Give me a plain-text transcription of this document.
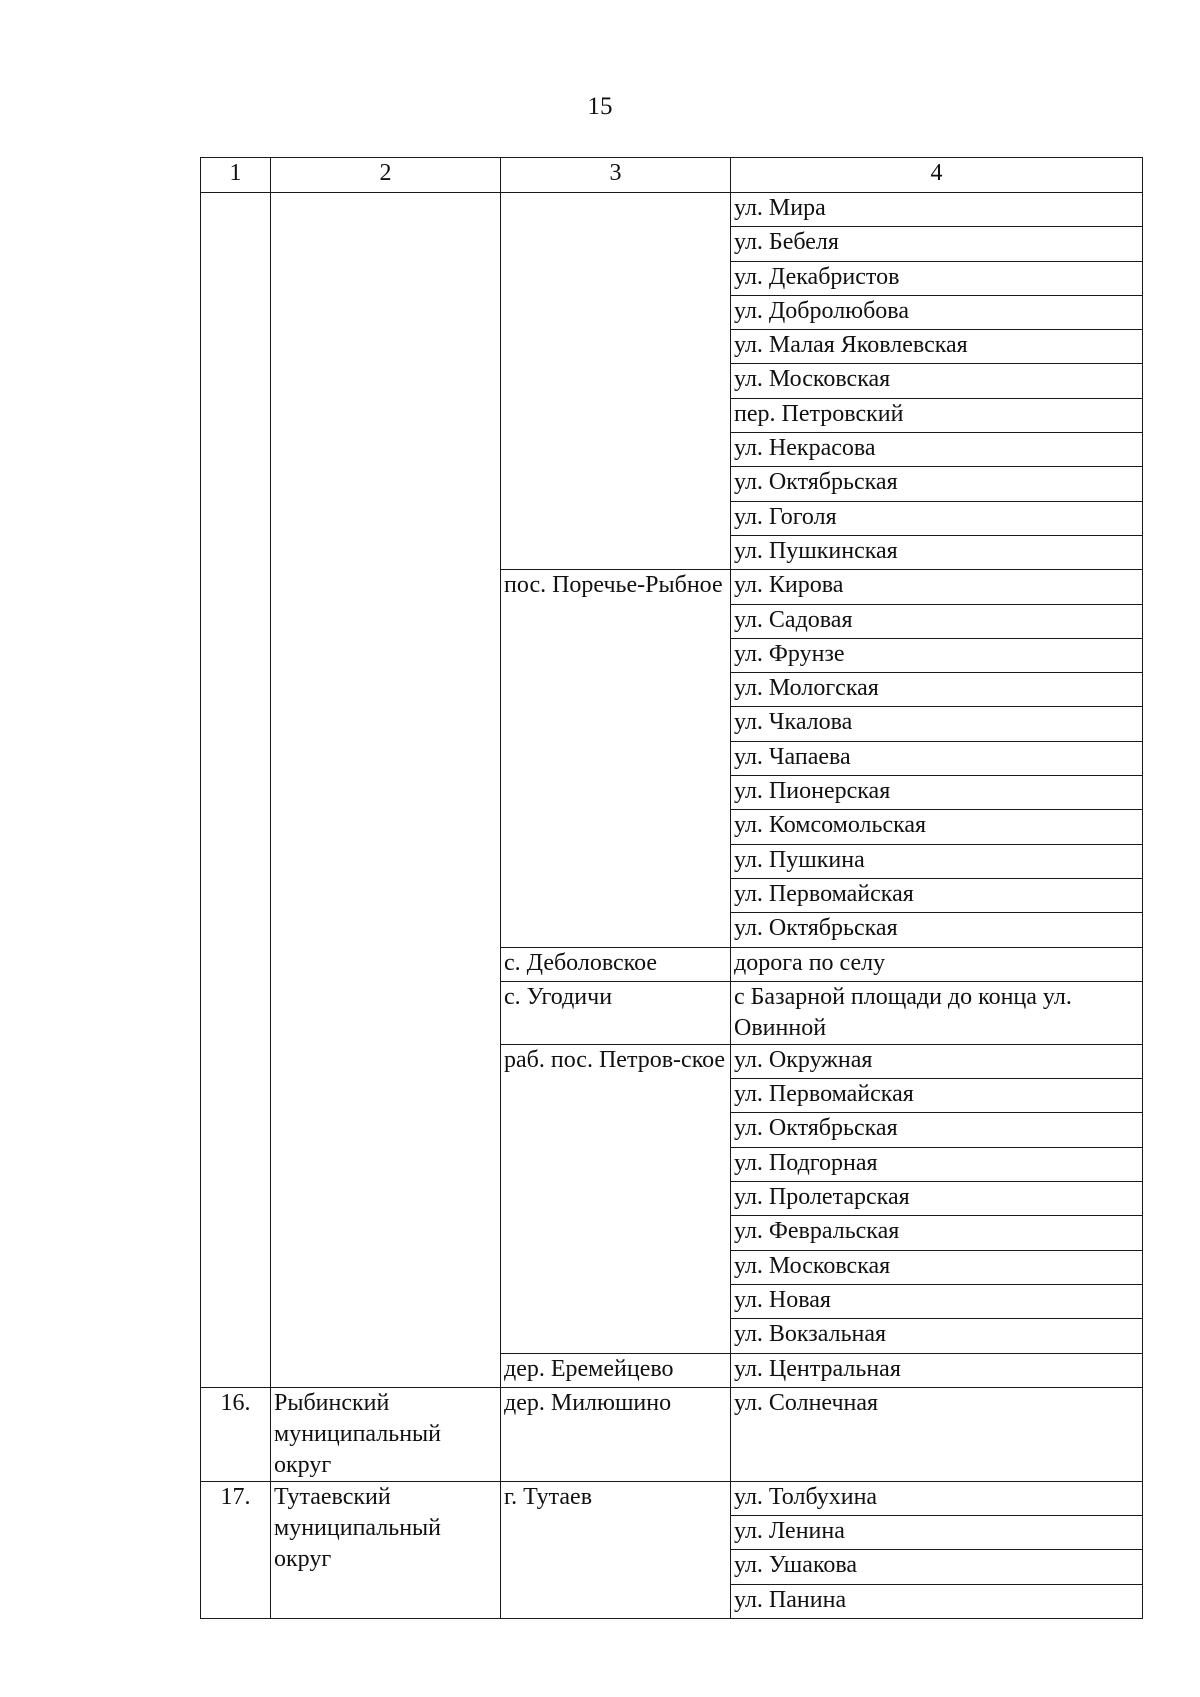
15
1	2	3	4
			ул. Мира
			ул. Бебеля
			ул. Декабристов
			ул. Добролюбова
			ул. Малая Яковлевская
			ул. Московская
			пер. Петровский
			ул. Некрасова
			ул. Октябрьская
			ул. Гоголя
			ул. Пушкинская
		пос. Поречье-Рыбное	ул. Кирова
			ул. Садовая
			ул. Фрунзе
			ул. Мологская
			ул. Чкалова
			ул. Чапаева
			ул. Пионерская
			ул. Комсомольская
			ул. Пушкина
			ул. Первомайская
			ул. Октябрьская
		с. Деболовское	дорога по селу
		с. Угодичи	с Базарной площади до конца ул. Овинной
		раб. пос. Петров-ское	ул. Окружная
			ул. Первомайская
			ул. Октябрьская
			ул. Подгорная
			ул. Пролетарская
			ул. Февральская
			ул. Московская
			ул. Новая
			ул. Вокзальная
		дер. Еремейцево	ул. Центральная
16.	Рыбинский муниципальный округ	дер. Милюшино	ул. Солнечная
17.	Тутаевский муниципальный округ	г. Тутаев	ул. Толбухина
			ул. Ленина
			ул. Ушакова
			ул. Панина
